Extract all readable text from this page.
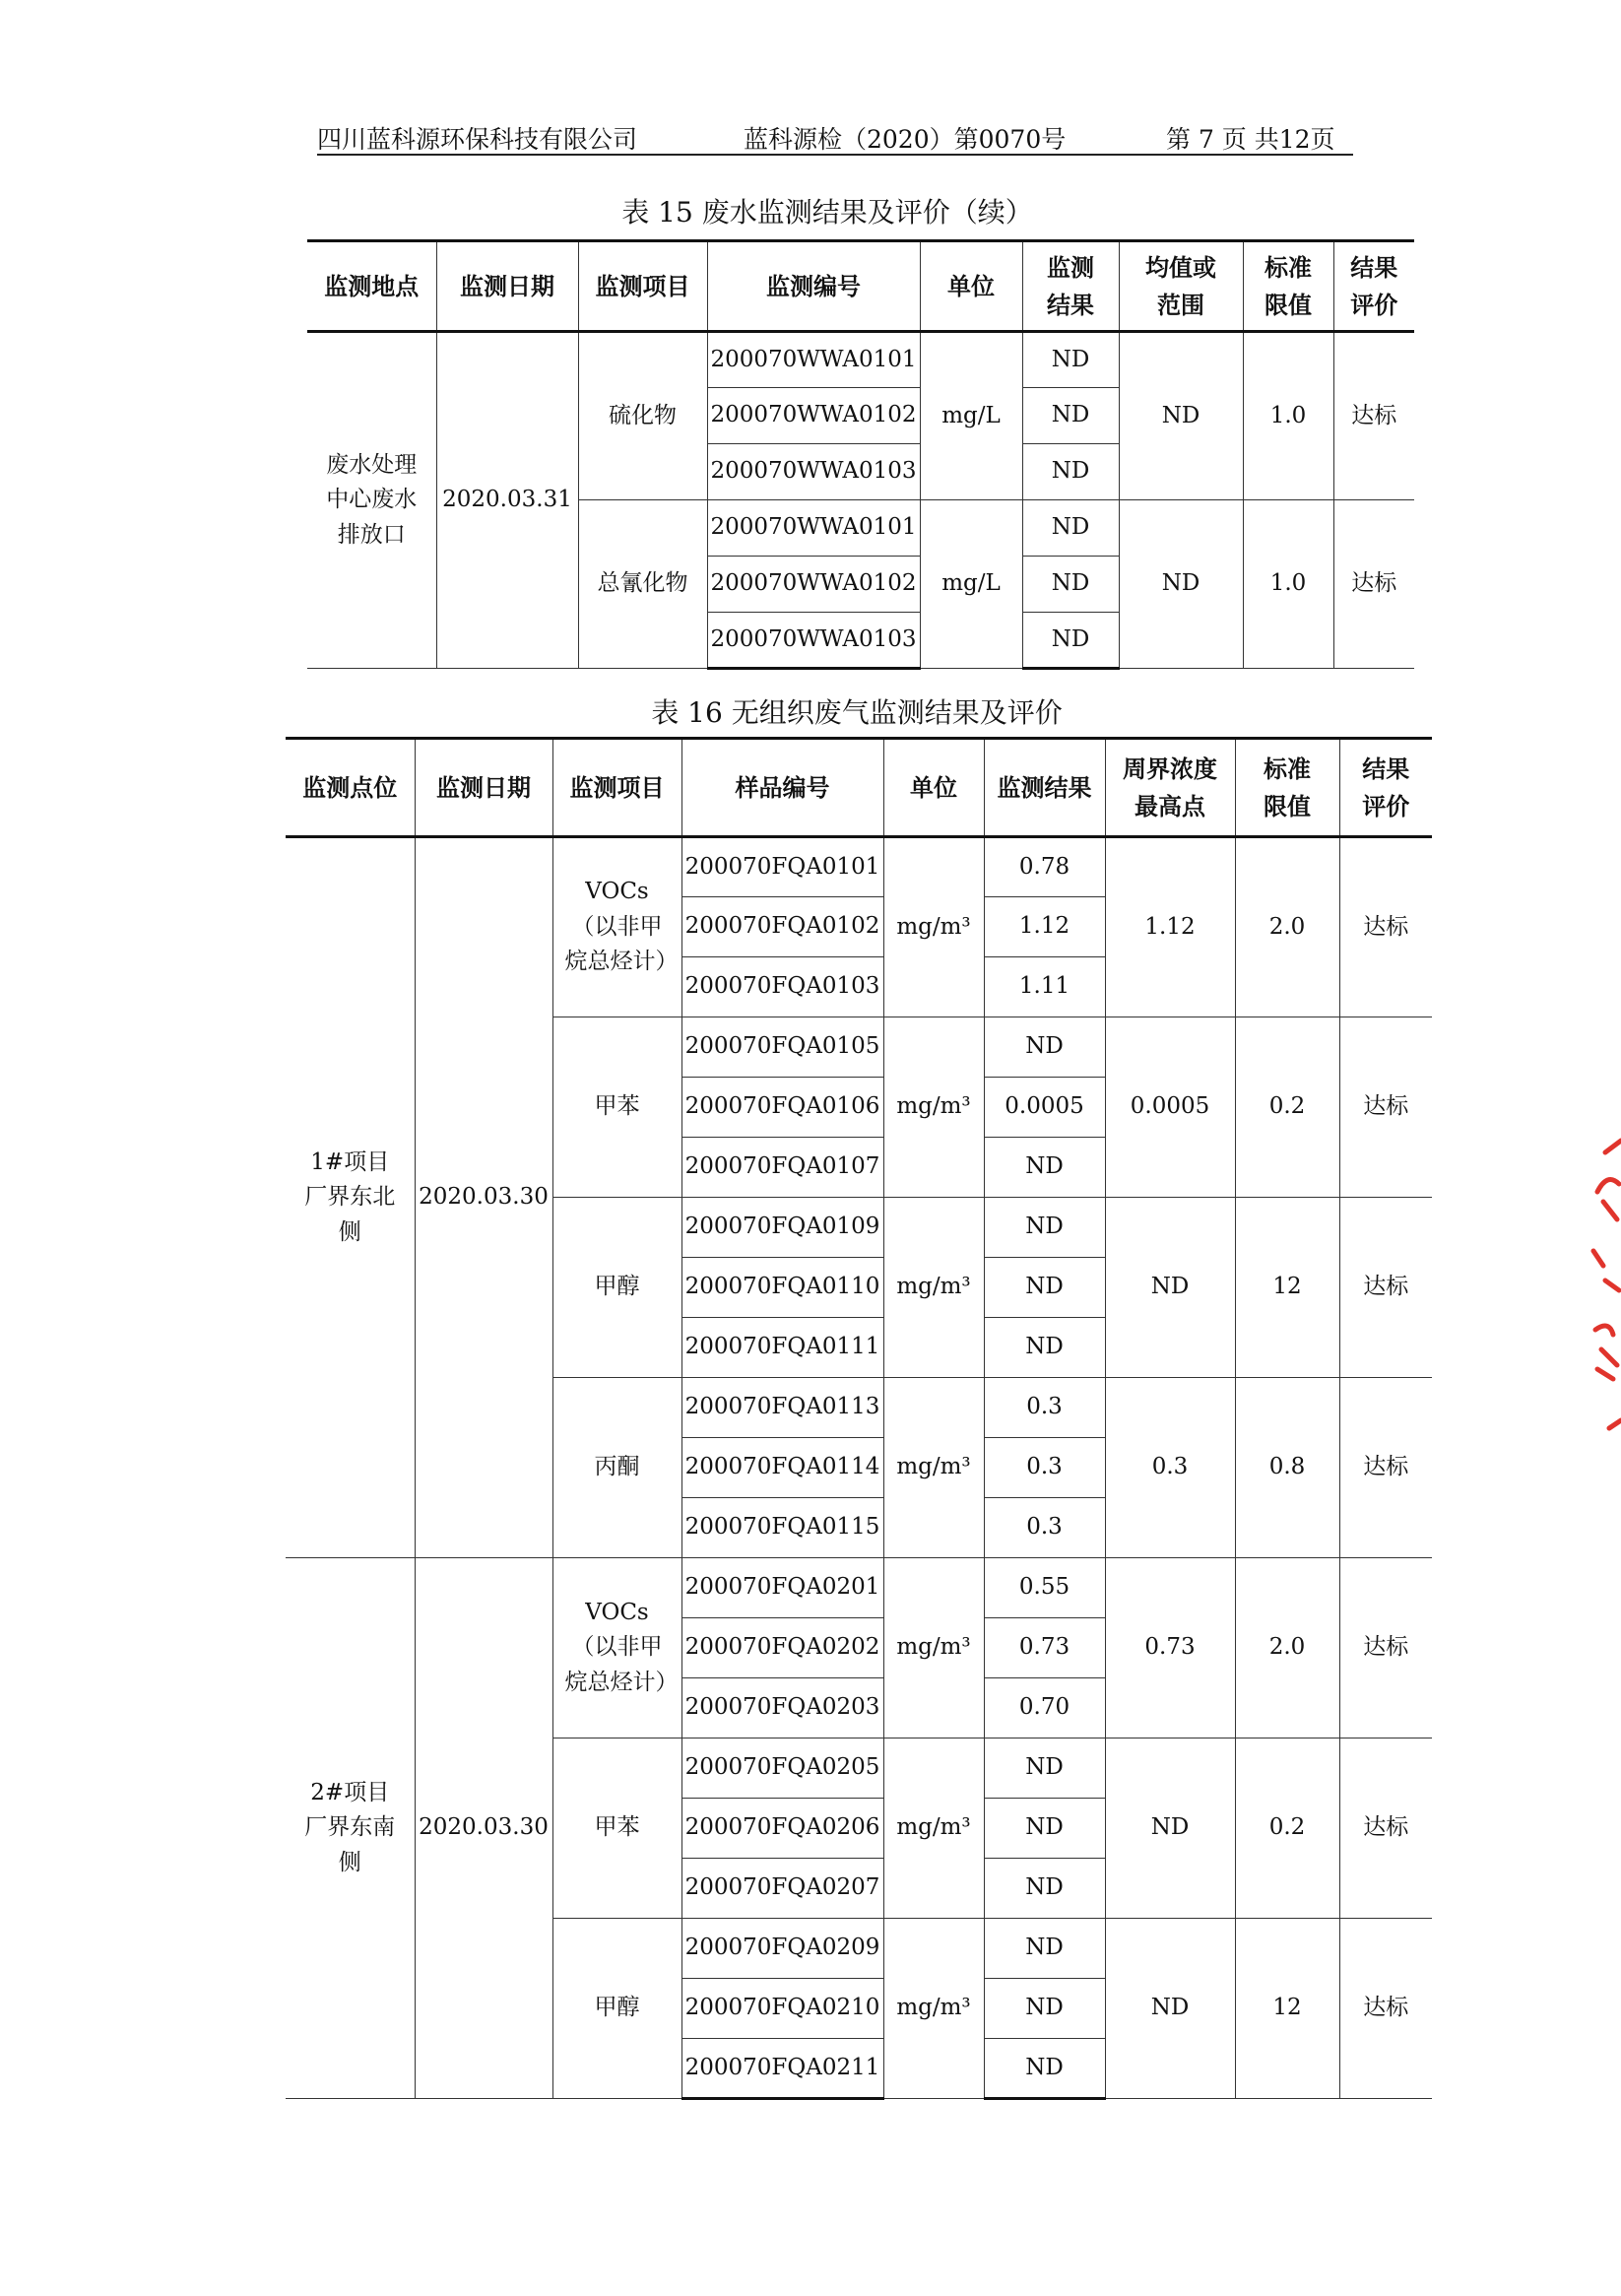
四川蓝科源环保科技有限公司	蓝科源检（2020）第0070号	第 7 页 共12页
表 15 废水监测结果及评价（续）
监测地点	监测日期	监测项目	监测编号	单位	监测结果	均值或范围	标准限值	结果评价
废水处理中心废水排放口	2020.03.31	硫化物	200070WWA0101	mg/L	ND	ND	1.0	达标
			200070WWA0102		ND			
			200070WWA0103		ND			
		总氰化物	200070WWA0101	mg/L	ND	ND	1.0	达标
			200070WWA0102		ND			
			200070WWA0103		ND			
表 16 无组织废气监测结果及评价
监测点位	监测日期	监测项目	样品编号	单位	监测结果	周界浓度最高点	标准限值	结果评价
1#项目厂界东北侧	2020.03.30	VOCs（以非甲烷总烃计）	200070FQA0101	mg/m³	0.78	1.12	2.0	达标
			200070FQA0102		1.12			
			200070FQA0103		1.11			
		甲苯	200070FQA0105	mg/m³	ND	0.0005	0.2	达标
			200070FQA0106		0.0005			
			200070FQA0107		ND			
		甲醇	200070FQA0109	mg/m³	ND	ND	12	达标
			200070FQA0110		ND			
			200070FQA0111		ND			
		丙酮	200070FQA0113	mg/m³	0.3	0.3	0.8	达标
			200070FQA0114		0.3			
			200070FQA0115		0.3			
2#项目厂界东南侧	2020.03.30	VOCs（以非甲烷总烃计）	200070FQA0201	mg/m³	0.55	0.73	2.0	达标
			200070FQA0202		0.73			
			200070FQA0203		0.70			
		甲苯	200070FQA0205	mg/m³	ND	ND	0.2	达标
			200070FQA0206		ND			
			200070FQA0207		ND			
		甲醇	200070FQA0209	mg/m³	ND	ND	12	达标
			200070FQA0210		ND			
			200070FQA0211		ND			
